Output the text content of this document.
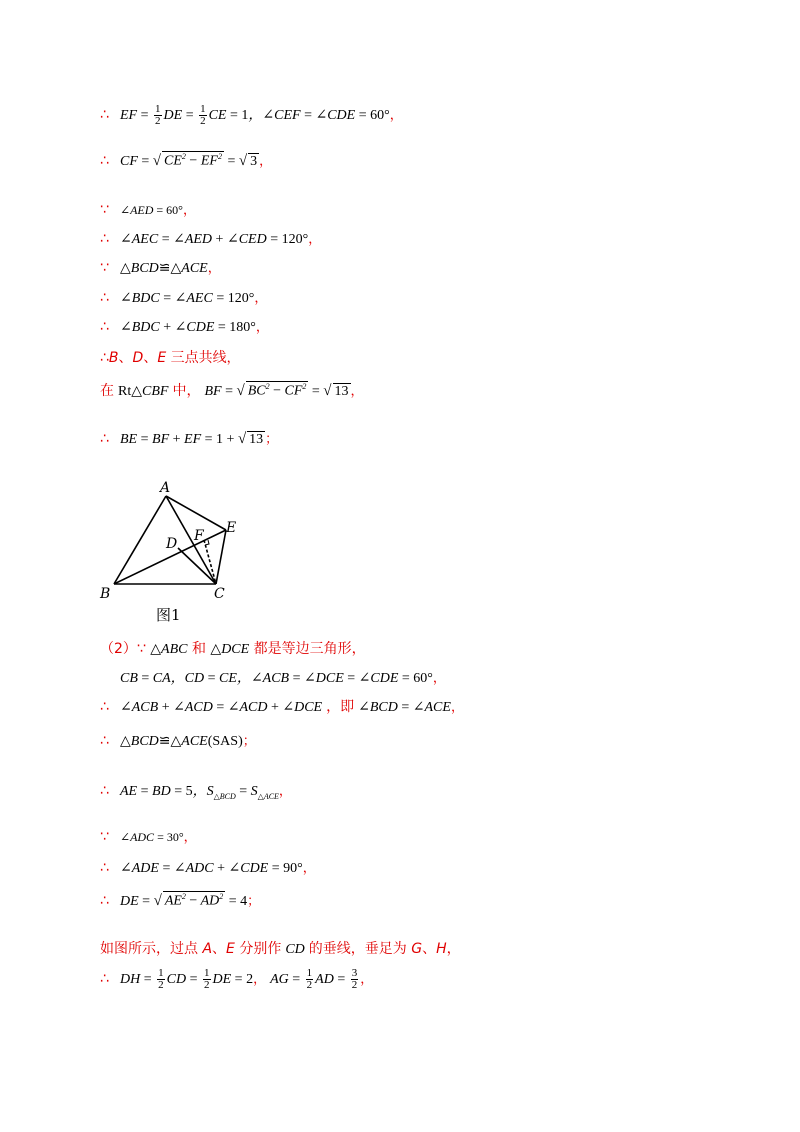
∴ EF = $\frac{1}{2}$ DE = $\frac{1}{2}$ CE = 1，∠CEF = ∠CDE = 60°，
∴ CF = √ $CE^2 - EF^2$ = √ 3 ，
∵ ∠AED = 60°，
∴ ∠AEC = ∠AED + ∠CED = 120°，
∵ △BCD≌△ACE，
∴ ∠BDC = ∠AEC = 120°，
∴ ∠BDC + ∠CDE = 180°，
∴B、D、E 三点共线，
在 Rt△CBF 中， BF = √ $BC^2 - CF^2$ = √ 13 ，
∴ BE = BF + EF = 1 + √ 13 ；
A
B	C
D
E
F
图1
（2）∵ △ABC 和 △DCE 都是等边三角形，
CB = CA，CD = CE，∠ACB = ∠DCE = ∠CDE = 60°，
∴ ∠ACB + ∠ACD = ∠ACD + ∠DCE ，即 ∠BCD = ∠ACE，
∴ △BCD≌△ACE(SAS)；
∴ AE = BD = 5，$S_{\triangle BCD} = S_{\triangle ACE}$，
∵ ∠ADC = 30°，
∴ ∠ADE = ∠ADC + ∠CDE = 90°，
∴ DE = √ $AE^2 - AD^2 = 4$；
如图所示，过点 A、E 分别作 CD 的垂线，垂足为 G、H，
∴ DH = $\frac{1}{2}$ CD = $\frac{1}{2}$ DE = 2， AG = $\frac{1}{2}$ AD = $\frac{3}{2}$ ，
